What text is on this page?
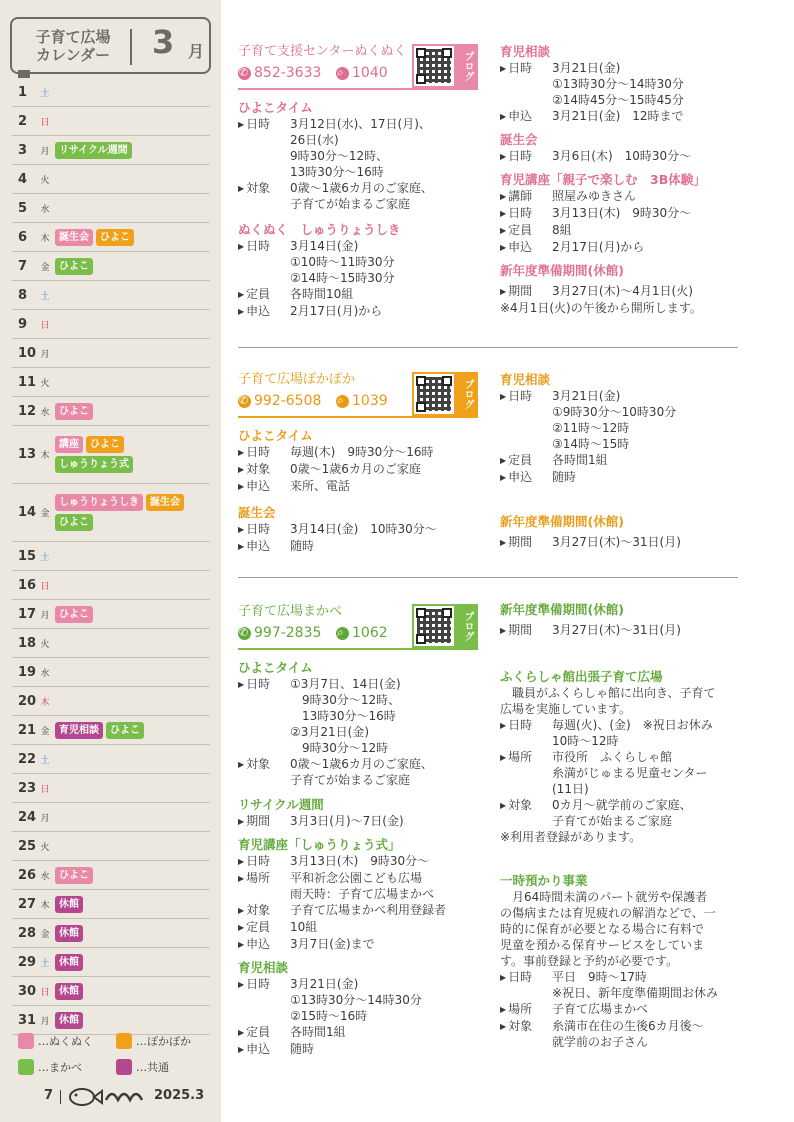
子育て広場
カレンダー	3 月
1	土
2	日
3	月 リサイクル週間
4	火
5	水
6	木 誕生会	ひよこ
7	金 ひよこ
8	土
9	日
10 月
11 火
12 水 ひよこ
13 木
講座	ひよこ
しゅうりょう式
14 金
しゅうりょうしき	誕生会
ひよこ
15 土
16 日
17 月 ひよこ
18 火
19 水
20 木
21 金 育児相談	ひよこ
22 土
23 日
24 月
25 火
26 水 ひよこ
27 木 休館
28 金 休館
29 土 休館
30 日 休館
31 月 休館
…ぬくぬく	…ぽかぽか
…まかべ	…共通
7	2025.3
子育て支援センターぬくぬく
✆
852-3633 ⌕ 1040	ブログ
ひよこタイム
▶ 日時	3月12日(水)、17日(月)、
26日(水)
9時30分〜12時、
13時30分〜16時
▶ 対象	0歳〜1歳6カ月のご家庭、
子育てが始まるご家庭
ぬくぬく　しゅうりょうしき
▶ 日時	3月14日(金)
①10時〜11時30分
②14時〜15時30分
▶ 定員	各時間10組
▶ 申込	2月17日(月)から
育児相談
▶ 日時	3月21日(金)
①13時30分〜14時30分
②14時45分〜15時45分
▶ 申込	3月21日(金)　12時まで
誕生会
▶ 日時	3月6日(木)　10時30分〜
育児講座「親子で楽しむ　3B体験」
▶ 講師	照屋みゆきさん
▶ 日時	3月13日(木)　9時30分〜
▶ 定員	8組
▶ 申込	2月17日(月)から
新年度準備期間(休館)
▶ 期間	3月27日(木)〜4月1日(火)
※4月1日(火)の午後から開所します。
子育て広場ぽかぽか
✆
992-6508 ⌕ 1039	ブログ
ひよこタイム
▶ 日時	毎週(木)　9時30分〜16時
▶ 対象	0歳〜1歳6カ月のご家庭
▶ 申込	来所、電話
誕生会
▶ 日時	3月14日(金)　10時30分〜
▶ 申込	随時
育児相談
▶ 日時	3月21日(金)
①9時30分〜10時30分
②11時〜12時
③14時〜15時
▶ 定員	各時間1組
▶ 申込	随時
新年度準備期間(休館)
▶ 期間	3月27日(木)〜31日(月)
子育て広場まかべ
✆
997-2835 ⌕ 1062	ブログ
ひよこタイム
▶ 日時	①3月7日、14日(金)
　9時30分〜12時、
　13時30分〜16時
②3月21日(金)
　9時30分〜12時
▶ 対象	0歳〜1歳6カ月のご家庭、
子育てが始まるご家庭
リサイクル週間
▶ 期間	3月3日(月)〜7日(金)
育児講座「しゅうりょう式」
▶ 日時	3月13日(木)　9時30分〜
▶ 場所	平和祈念公園こども広場
雨天時：子育て広場まかべ
▶ 対象	子育て広場まかべ利用登録者
▶ 定員	10組
▶ 申込	3月7日(金)まで
育児相談
▶ 日時	3月21日(金)
①13時30分〜14時30分
②15時〜16時
▶ 定員	各時間1組
▶ 申込	随時
新年度準備期間(休館)
▶ 期間	3月27日(木)〜31日(月)
ふくらしゃ館出張子育て広場
　職員がふくらしゃ館に出向き、子育て
広場を実施しています。
▶ 日時	毎週(火)、(金)　※祝日お休み
10時〜12時
▶ 場所	市役所　ふくらしゃ館
糸満がじゅまる児童センター
(11日)
▶ 対象	0カ月〜就学前のご家庭、
子育てが始まるご家庭
※利用者登録があります。
一時預かり事業
　月64時間未満のパート就労や保護者
の傷病または育児疲れの解消などで、一
時的に保育が必要となる場合に有料で
児童を預かる保育サービスをしていま
す。事前登録と予約が必要です。
▶ 日時	平日　9時〜17時
※祝日、新年度準備期間お休み
▶ 場所	子育て広場まかべ
▶ 対象	糸満市在住の生後6カ月後〜
就学前のお子さん
